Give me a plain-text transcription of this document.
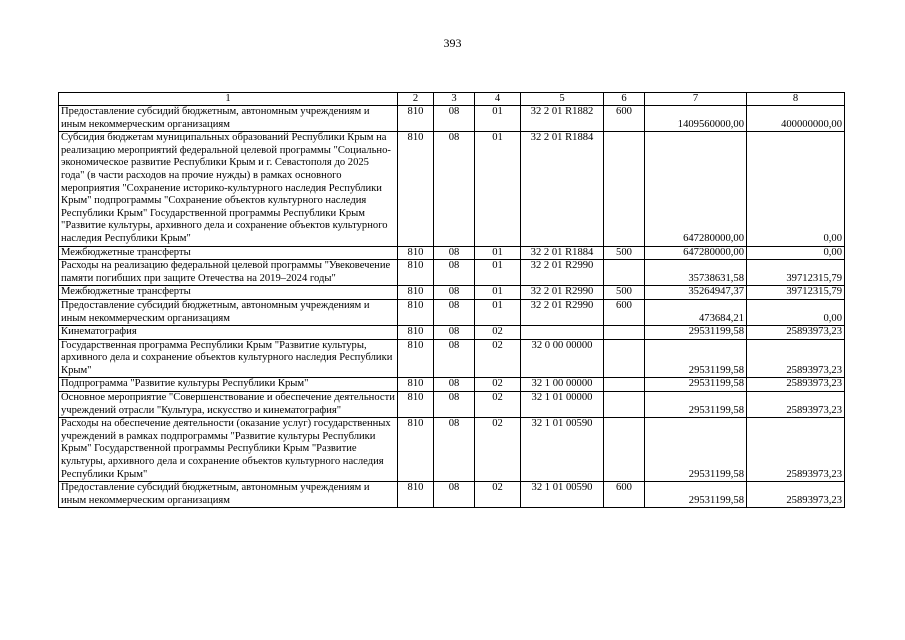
393
1	2	3	4	5	6	7	8
Предоставление субсидий бюджетным, автономным учреждениям и иным некоммерческим организациям	810	08	01	32 2 01 R1882	600	1409560000,00	400000000,00
Субсидия бюджетам муниципальных образований Республики Крым на реализацию мероприятий федеральной целевой программы "Социально-экономическое развитие Республики Крым и г. Севастополя до 2025 года" (в части расходов на прочие нужды) в рамках основного мероприятия "Сохранение историко-культурного наследия Республики Крым" подпрограммы "Сохранение объектов культурного наследия Республики Крым" Государственной программы Республики Крым "Развитие культуры, архивного дела и сохранение объектов культурного наследия Республики Крым"	810	08	01	32 2 01 R1884		647280000,00	0,00
Межбюджетные трансферты	810	08	01	32 2 01 R1884	500	647280000,00	0,00
Расходы на реализацию федеральной целевой программы "Увековечение памяти погибших при защите Отечества на 2019–2024 годы"	810	08	01	32 2 01 R2990		35738631,58	39712315,79
Межбюджетные трансферты	810	08	01	32 2 01 R2990	500	35264947,37	39712315,79
Предоставление субсидий бюджетным, автономным учреждениям и иным некоммерческим организациям	810	08	01	32 2 01 R2990	600	473684,21	0,00
Кинематография	810	08	02			29531199,58	25893973,23
Государственная программа Республики Крым "Развитие культуры, архивного дела и сохранение объектов культурного наследия Республики Крым"	810	08	02	32 0 00 00000		29531199,58	25893973,23
Подпрограмма "Развитие культуры Республики Крым"	810	08	02	32 1 00 00000		29531199,58	25893973,23
Основное мероприятие "Совершенствование и обеспечение деятельности учреждений отрасли "Культура, искусство и кинематография"	810	08	02	32 1 01 00000		29531199,58	25893973,23
Расходы на обеспечение деятельности (оказание услуг) государственных учреждений в рамках подпрограммы "Развитие культуры Республики Крым" Государственной программы Республики Крым "Развитие культуры, архивного дела и сохранение объектов культурного наследия Республики Крым"	810	08	02	32 1 01 00590		29531199,58	25893973,23
Предоставление субсидий бюджетным, автономным учреждениям и иным некоммерческим организациям	810	08	02	32 1 01 00590	600	29531199,58	25893973,23
